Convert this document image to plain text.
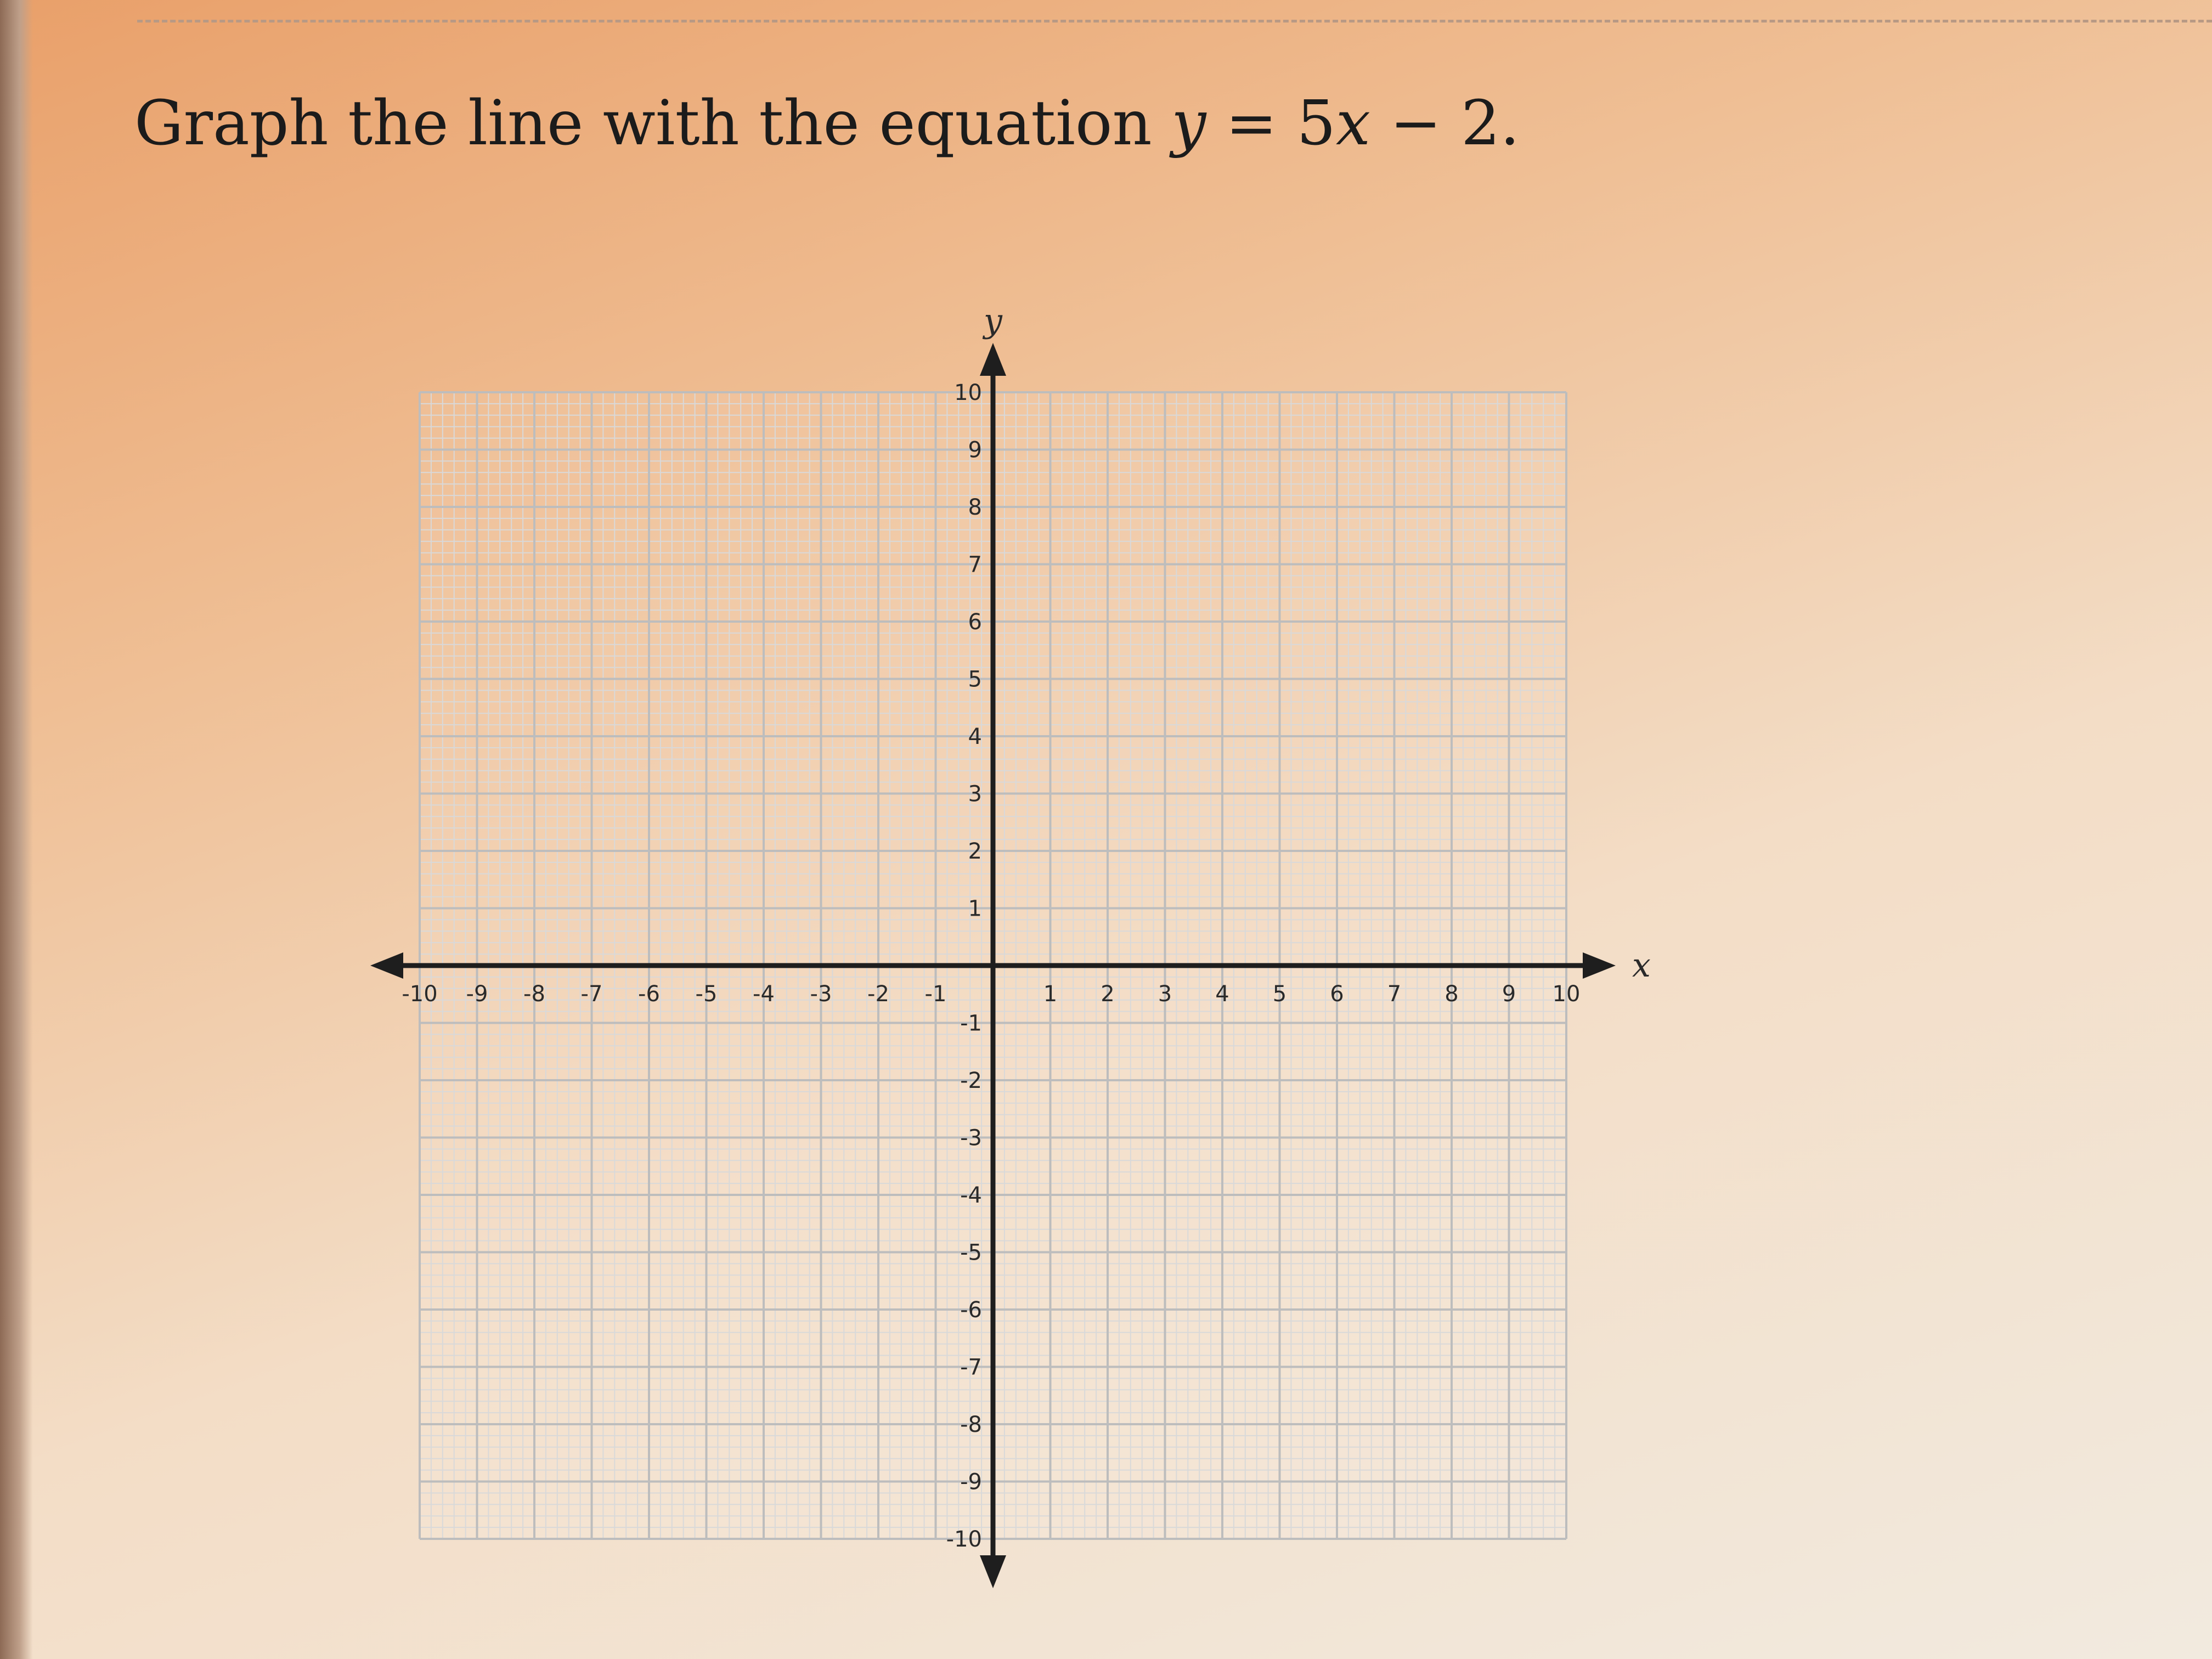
Graph the line with the equation y = 5x − 2.
x
y
-10 -9 -8 -7 -6 -5 -4 -3 -2 -1	1 2 3 4 5 6 7 8 9 10
10
9
8
7
6
5
4
3
2
1
-1
-2
-3
-4
-5
-6
-7
-8
-9
-10
